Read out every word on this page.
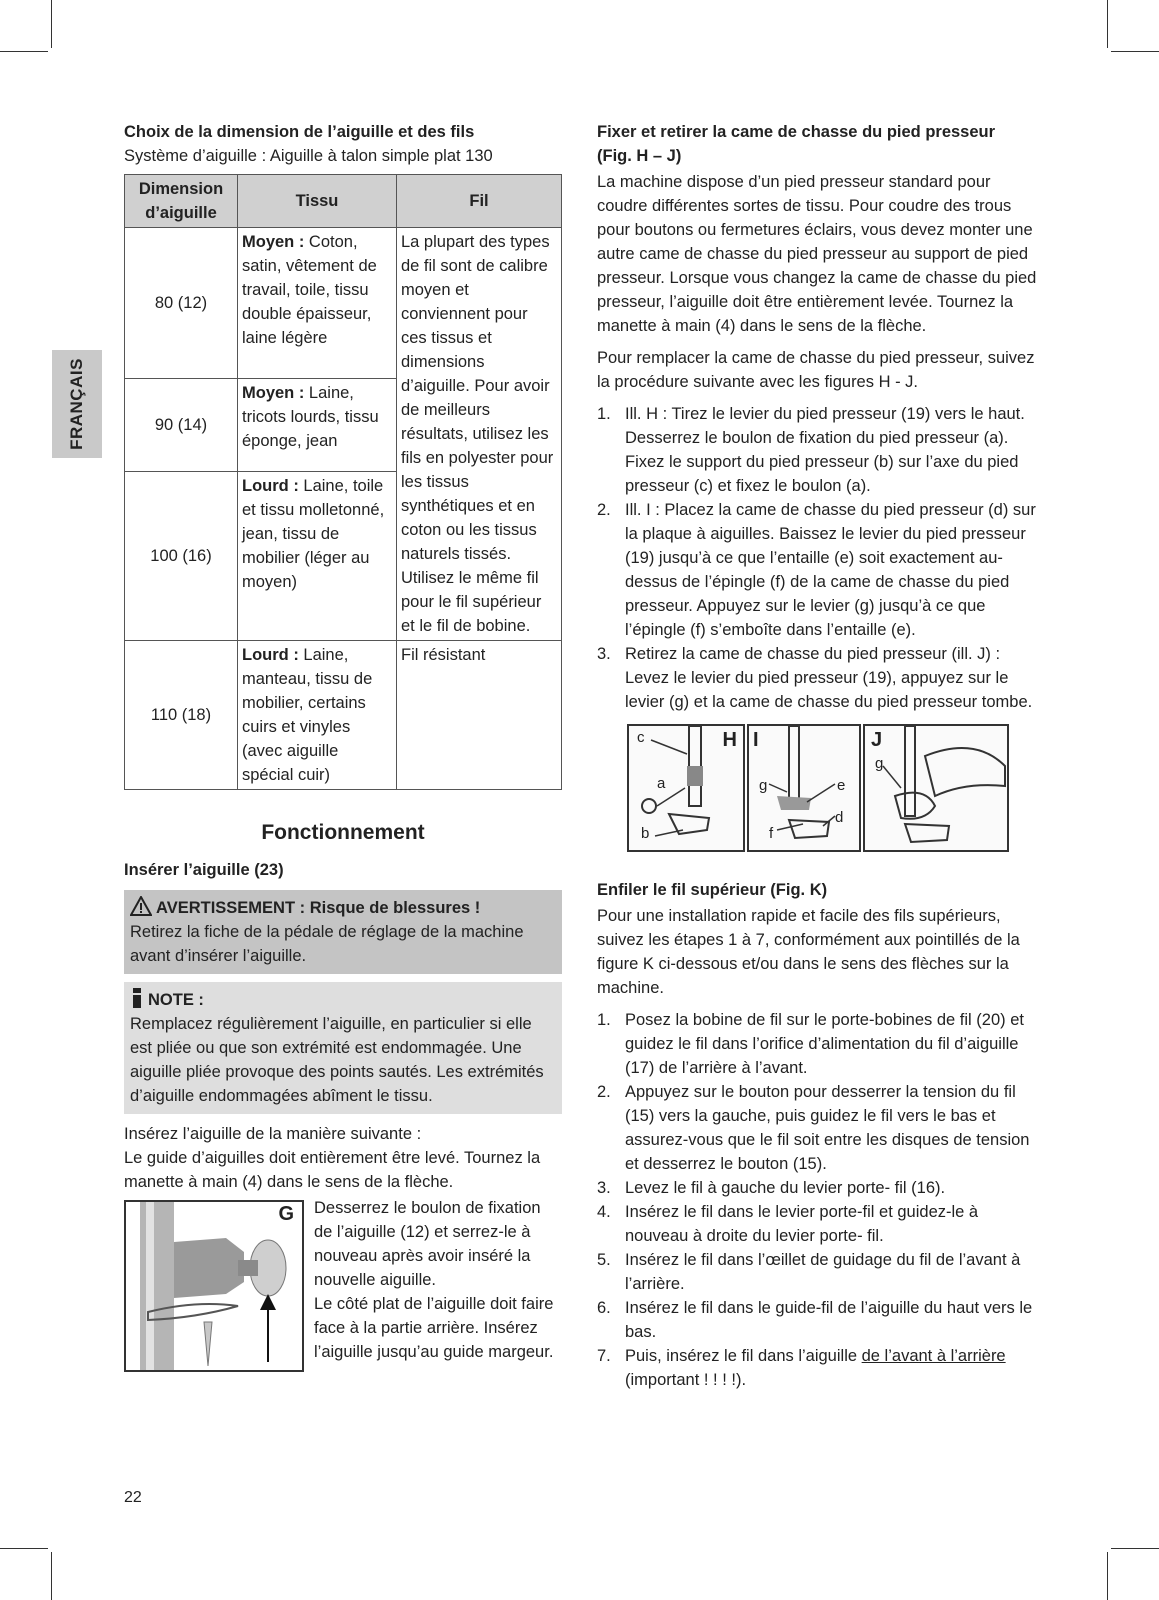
FRANÇAIS
Choix de la dimension de l’aiguille et des fils

Système d’aiguille : Aiguille à talon simple plat 130

Dimension d’aiguille	Tissu	Fil
80 (12)	Moyen : Coton, satin, vêtement de travail, toile, tissu double épaisseur, laine légère	La plupart des types de fil sont de calibre moyen et conviennent pour ces tissus et dimensions d’aiguille. Pour avoir de meilleurs résultats, utilisez les fils en polyester pour les tissus synthétiques et en coton ou les tissus naturels tissés. Utilisez le même fil pour le fil supérieur et le fil de bobine.
90 (14)	Moyen : Laine, tricots lourds, tissu éponge, jean	
100 (16)	Lourd : Laine, toile et tissu molletonné, jean, tissu de mobilier (léger au moyen)	
110 (18)	Lourd : Laine, manteau, tissu de mobilier, certains cuirs et vinyles (avec aiguille spécial cuir)	Fil résistant
Fonctionnement
Insérer l’aiguille (23)
AVERTISSEMENT : Risque de blessures !

Retirez la fiche de la pédale de réglage de la machine avant d’insérer l’aiguille.

NOTE :

Remplacez régulièrement l’aiguille, en particulier si elle est pliée ou que son extrémité est endommagée. Une aiguille pliée provoque des points sautés. Les extrémités d’aiguille endommagées abîment le tissu.

Insérez l’aiguille de la manière suivante :

Le guide d’aiguilles doit entièrement être levé. Tournez la manette à main (4) dans le sens de la flèche.

G Desserrez le boulon de fixation de l’aiguille (12) et serrez-le à nouveau après avoir inséré la nouvelle aiguille.

Le côté plat de l’aiguille doit faire face à la partie arrière. Insérez l’aiguille jusqu’au guide margeur.

Fixer et retirer la came de chasse du pied presseur
(Fig. H – J)

La machine dispose d’un pied presseur standard pour coudre différentes sortes de tissu. Pour coudre des trous pour boutons ou fermetures éclairs, vous devez monter une autre came de chasse du pied presseur au support de pied presseur. Lorsque vous changez la came de chasse du pied presseur, l’aiguille doit être entièrement levée. Tournez la manette à main (4) dans le sens de la flèche.

Pour remplacer la came de chasse du pied presseur, suivez la procédure suivante avec les figures H - J.

1. Ill. H : Tirez le levier du pied presseur (19) vers le haut. Desserrez le boulon de fixation du pied presseur (a). Fixez le support du pied presseur (b) sur l’axe du pied presseur (c) et fixez le boulon (a).
2. Ill. I : Placez la came de chasse du pied presseur (d) sur la plaque à aiguilles. Baissez le levier du pied presseur (19) jusqu’à ce que l’entaille (e) soit exactement au-dessus de l’épingle (f) de la came de chasse du pied presseur. Appuyez sur le levier (g) jusqu’à ce que l’épingle (f) s’emboîte dans l’entaille (e).
3. Retirez la came de chasse du pied presseur (ill. J) : Levez le levier du pied presseur (19), appuyez sur le levier (g) et la came de chasse du pied presseur tombe.
H
c
a
b
I
g	e
d
f
J
g
Enfiler le fil supérieur (Fig. K)

Pour une installation rapide et facile des fils supérieurs, suivez les étapes 1 à 7, conformément aux pointillés de la figure K ci-dessous et/ou dans le sens des flèches sur la machine.

1. Posez la bobine de fil sur le porte-bobines de fil (20) et guidez le fil dans l’orifice d’alimentation du fil d’aiguille (17) de l’arrière à l’avant.
2. Appuyez sur le bouton pour desserrer la tension du fil (15) vers la gauche, puis guidez le fil vers le bas et assurez-vous que le fil soit entre les disques de tension et desserrez le bouton (15).
3. Levez le fil à gauche du levier porte- fil (16).
4. Insérez le fil dans le levier porte-fil et guidez-le à nouveau à droite du levier porte- fil.
5. Insérez le fil dans l’œillet de guidage du fil de l’avant à l’arrière.
6. Insérez le fil dans le guide-fil de l’aiguille du haut vers le bas.
7. Puis, insérez le fil dans l’aiguille de l’avant à l’arrière
(important ! ! ! !).
22
